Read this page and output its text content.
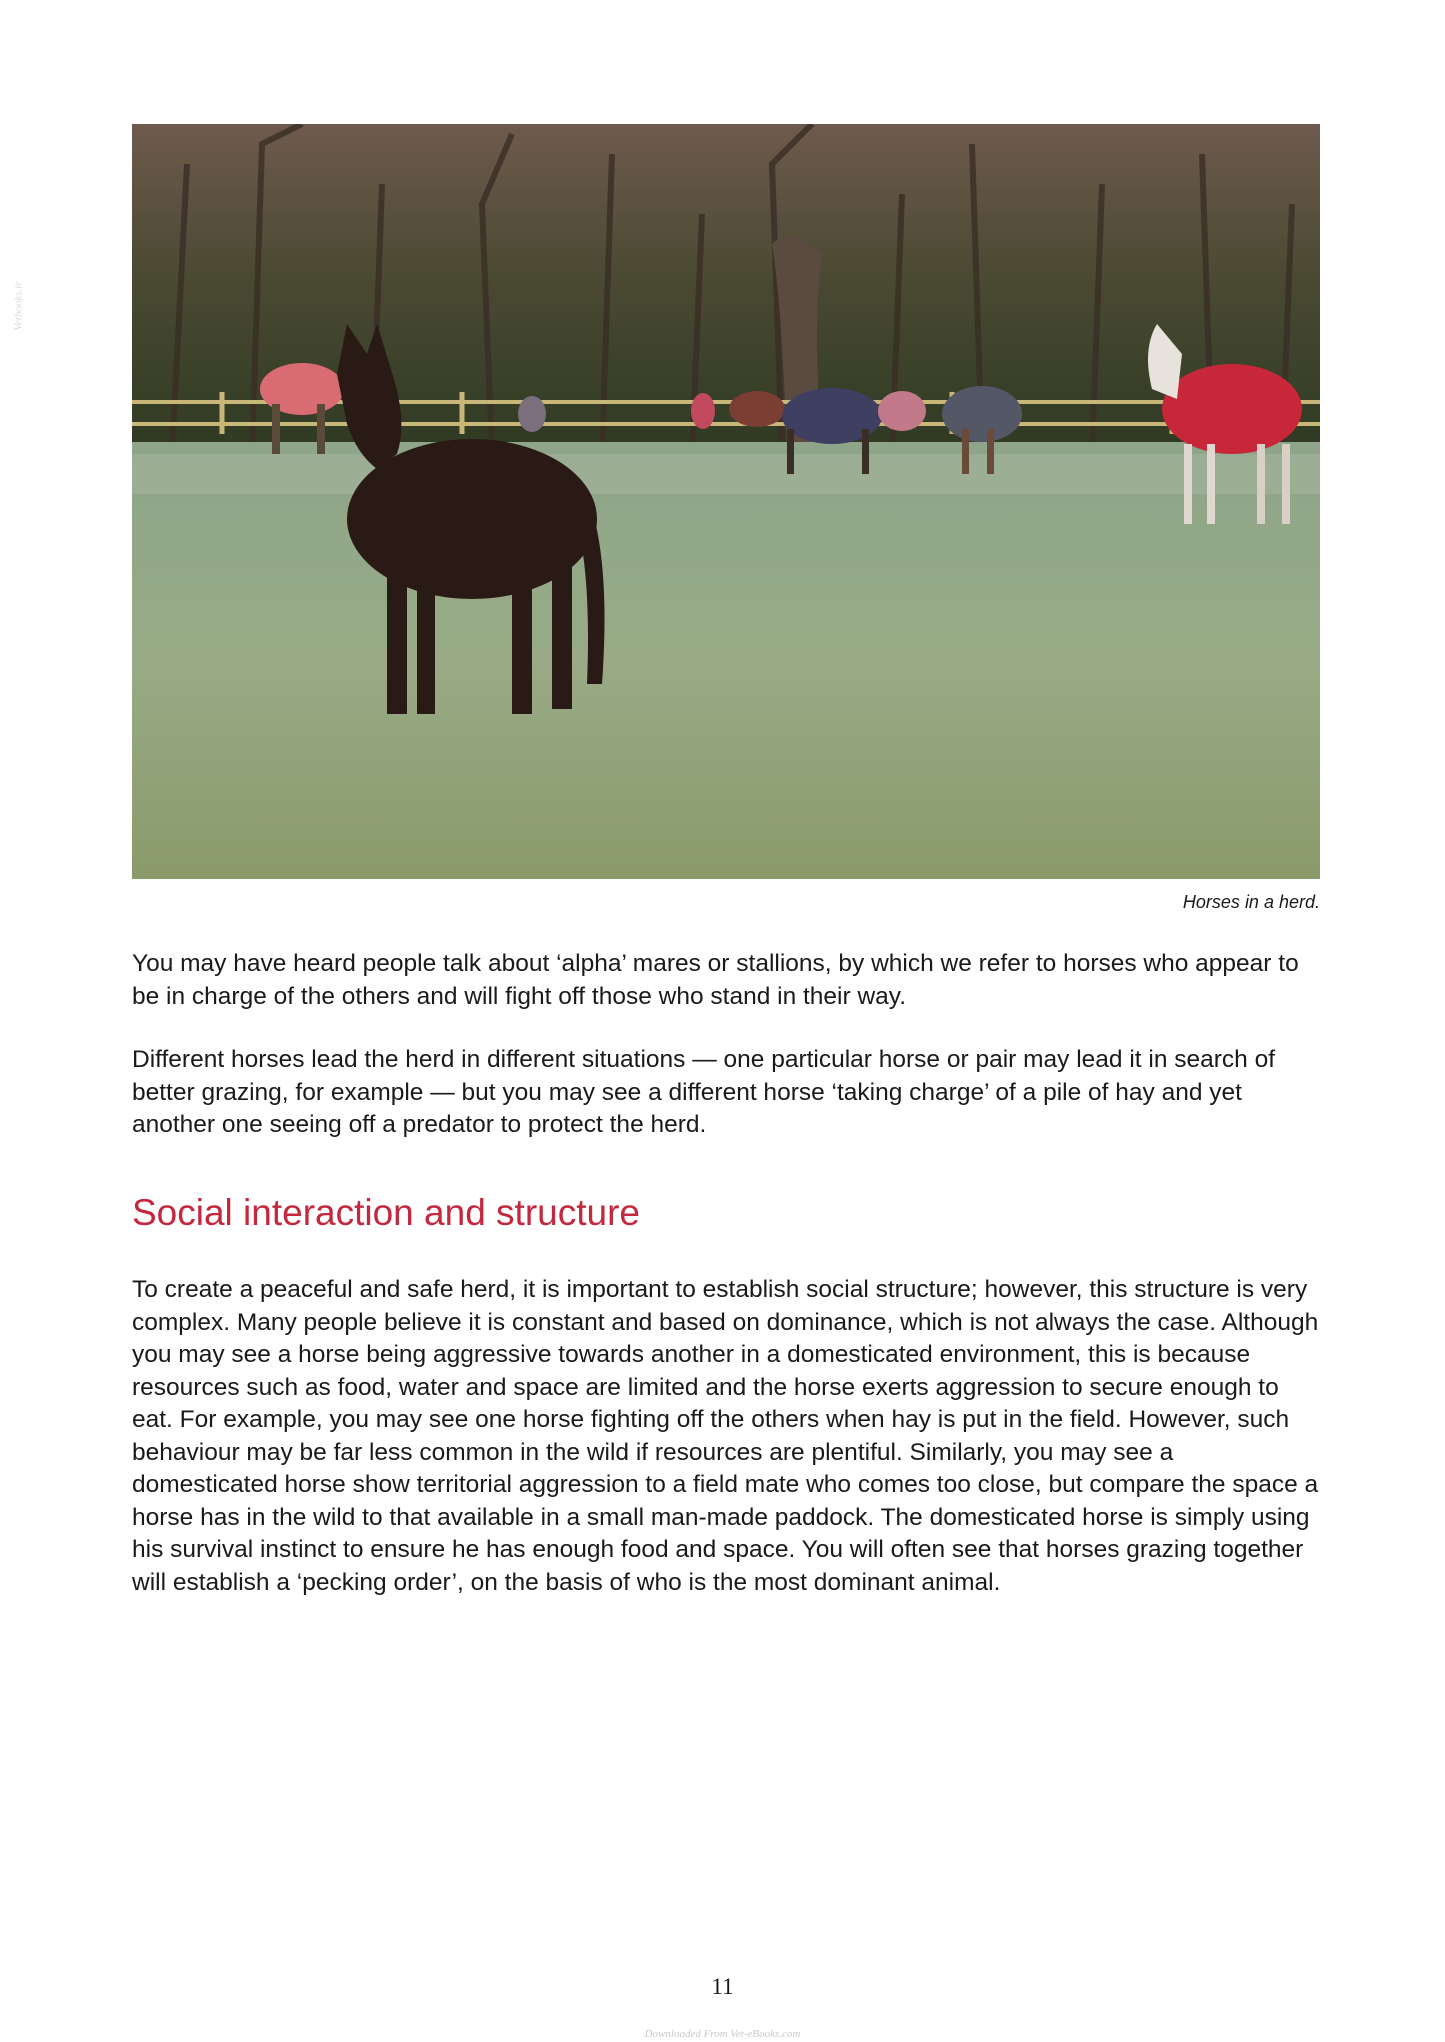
Vetbooks.ir
Horses in a herd.

You may have heard people talk about ‘alpha’ mares or stallions, by which we refer to horses who appear to be in charge of the others and will fight off those who stand in their way.

Different horses lead the herd in different situations — one particular horse or pair may lead it in search of better grazing, for example — but you may see a different horse ‘taking charge’ of a pile of hay and yet another one seeing off a predator to protect the herd.

Social interaction and structure

To create a peaceful and safe herd, it is important to establish social structure; however, this structure is very complex. Many people believe it is constant and based on dominance, which is not always the case. Although you may see a horse being aggressive towards another in a domesticated environment, this is because resources such as food, water and space are limited and the horse exerts aggression to secure enough to eat. For example, you may see one horse fighting off the others when hay is put in the field. However, such behaviour may be far less common in the wild if resources are plentiful. Similarly, you may see a domesticated horse show territorial aggression to a field mate who comes too close, but compare the space a horse has in the wild to that available in a small man-made paddock. The domesticated horse is simply using his survival instinct to ensure he has enough food and space. You will often see that horses grazing together will establish a ‘pecking order’, on the basis of who is the most dominant animal.

11
Downloaded From Vet-eBooks.com
